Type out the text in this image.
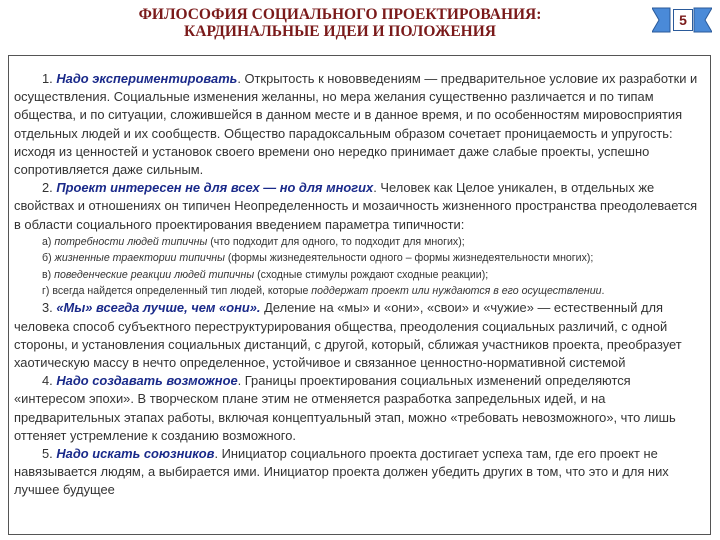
ФИЛОСОФИЯ СОЦИАЛЬНОГО ПРОЕКТИРОВАНИЯ:
КАРДИНАЛЬНЫЕ ИДЕИ И ПОЛОЖЕНИЯ
5

1. Надо экспериментировать. Открытость к нововведениям — предварительное условие их разработки и осуществления. Социальные изменения желанны, но мера желания существенно различается и по типам общества, и по ситуации, сложившейся в данном месте и в данное время, и по особенностям мировосприятия отдельных людей и их сообществ. Общество парадоксальным образом сочетает проницаемость и упругость: исходя из ценностей и установок своего времени оно нередко принимает даже слабые проекты, успешно сопротивляется даже сильным.

2. Проект интересен не для всех — но для многих. Человек как Целое уникален, в отдельных же свойствах и отношениях он типичен Неопределенность и мозаичность жизненного пространства преодолевается в области социального проектирования введением параметра типичности:

а) потребности людей типичны (что подходит для одного, то подходит для многих);
б) жизненные траектории типичны (формы жизнедеятельности одного – формы жизнедеятельности многих);
в) поведенческие реакции людей типичны (сходные стимулы рождают сходные реакции);
г) всегда найдется определенный тип людей, которые поддержат проект или нуждаются в его осуществлении.

3. «Мы» всегда лучше, чем «они». Деление на «мы» и «они», «свои» и «чужие» — естественный для человека способ субъектного переструктурирования общества, преодоления социальных различий, с одной стороны, и установления социальных дистанций, с другой, который, сближая участников проекта, преобразует хаотическую массу в нечто определенное, устойчивое и связанное ценностно-нормативной системой

4. Надо создавать возможное. Границы проектирования социальных изменений определяются «интересом эпохи». В творческом плане этим не отменяется разработка запредельных идей, и на предварительных этапах работы, включая концептуальный этап, можно «требовать невозможного», что лишь оттеняет устремление к созданию возможного.

5. Надо искать союзников. Инициатор социального проекта достигает успеха там, где его проект не навязывается людям, а выбирается ими. Инициатор проекта должен убедить других в том, что это и для них лучшее будущее
